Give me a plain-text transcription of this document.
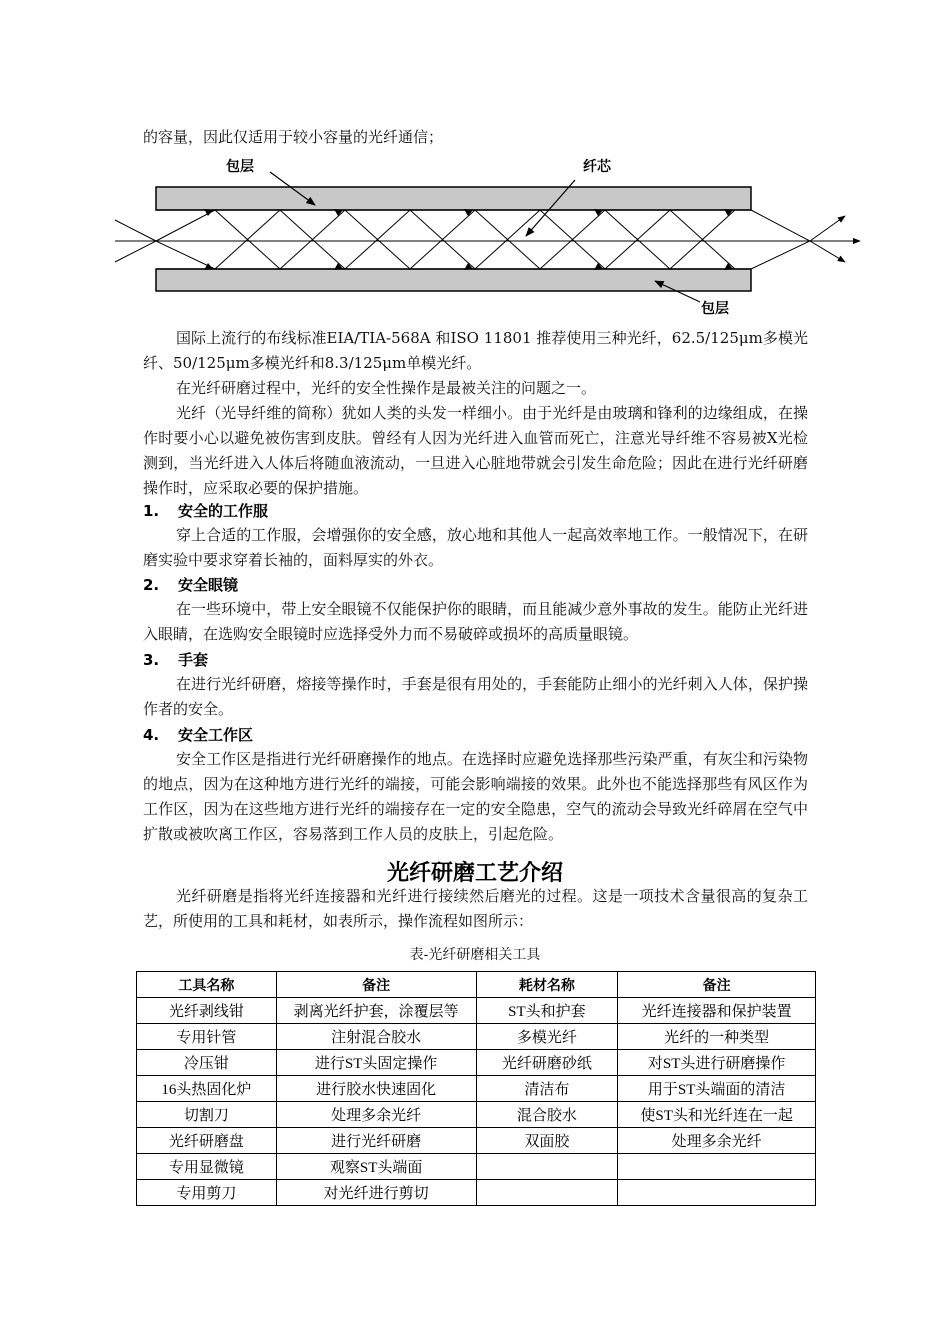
的容量，因此仅适用于较小容量的光纤通信；

包层	纤芯
包层

国际上流行的布线标准EIA/TIA-568A 和ISO 11801 推荐使用三种光纤，62.5/125μm多模光纤、50/125μm多模光纤和8.3/125μm单模光纤。

在光纤研磨过程中，光纤的安全性操作是最被关注的问题之一。

光纤（光导纤维的简称）犹如人类的头发一样细小。由于光纤是由玻璃和锋利的边缘组成，在操作时要小心以避免被伤害到皮肤。曾经有人因为光纤进入血管而死亡，注意光导纤维不容易被X光检测到，当光纤进入人体后将随血液流动，一旦进入心脏地带就会引发生命危险；因此在进行光纤研磨操作时，应采取必要的保护措施。

1. 安全的工作服

穿上合适的工作服，会增强你的安全感，放心地和其他人一起高效率地工作。一般情况下，在研磨实验中要求穿着长袖的，面料厚实的外衣。

2. 安全眼镜

在一些环境中，带上安全眼镜不仅能保护你的眼睛，而且能减少意外事故的发生。能防止光纤进入眼睛，在选购安全眼镜时应选择受外力而不易破碎或损坏的高质量眼镜。

3. 手套

在进行光纤研磨，熔接等操作时，手套是很有用处的，手套能防止细小的光纤刺入人体，保护操作者的安全。

4. 安全工作区

安全工作区是指进行光纤研磨操作的地点。在选择时应避免选择那些污染严重，有灰尘和污染物的地点，因为在这种地方进行光纤的端接，可能会影响端接的效果。此外也不能选择那些有风区作为工作区，因为在这些地方进行光纤的端接存在一定的安全隐患，空气的流动会导致光纤碎屑在空气中扩散或被吹离工作区，容易落到工作人员的皮肤上，引起危险。

光纤研磨工艺介绍

光纤研磨是指将光纤连接器和光纤进行接续然后磨光的过程。这是一项技术含量很高的复杂工艺，所使用的工具和耗材，如表所示，操作流程如图所示：

表-光纤研磨相关工具

工具名称	备注	耗材名称	备注
光纤剥线钳	剥离光纤护套，涂覆层等	ST头和护套	光纤连接器和保护装置
专用针管	注射混合胶水	多模光纤	光纤的一种类型
冷压钳	进行ST头固定操作	光纤研磨砂纸	对ST头进行研磨操作
16头热固化炉	进行胶水快速固化	清洁布	用于ST头端面的清洁
切割刀	处理多余光纤	混合胶水	使ST头和光纤连在一起
光纤研磨盘	进行光纤研磨	双面胶	处理多余光纤
专用显微镜	观察ST头端面		
专用剪刀	对光纤进行剪切		
